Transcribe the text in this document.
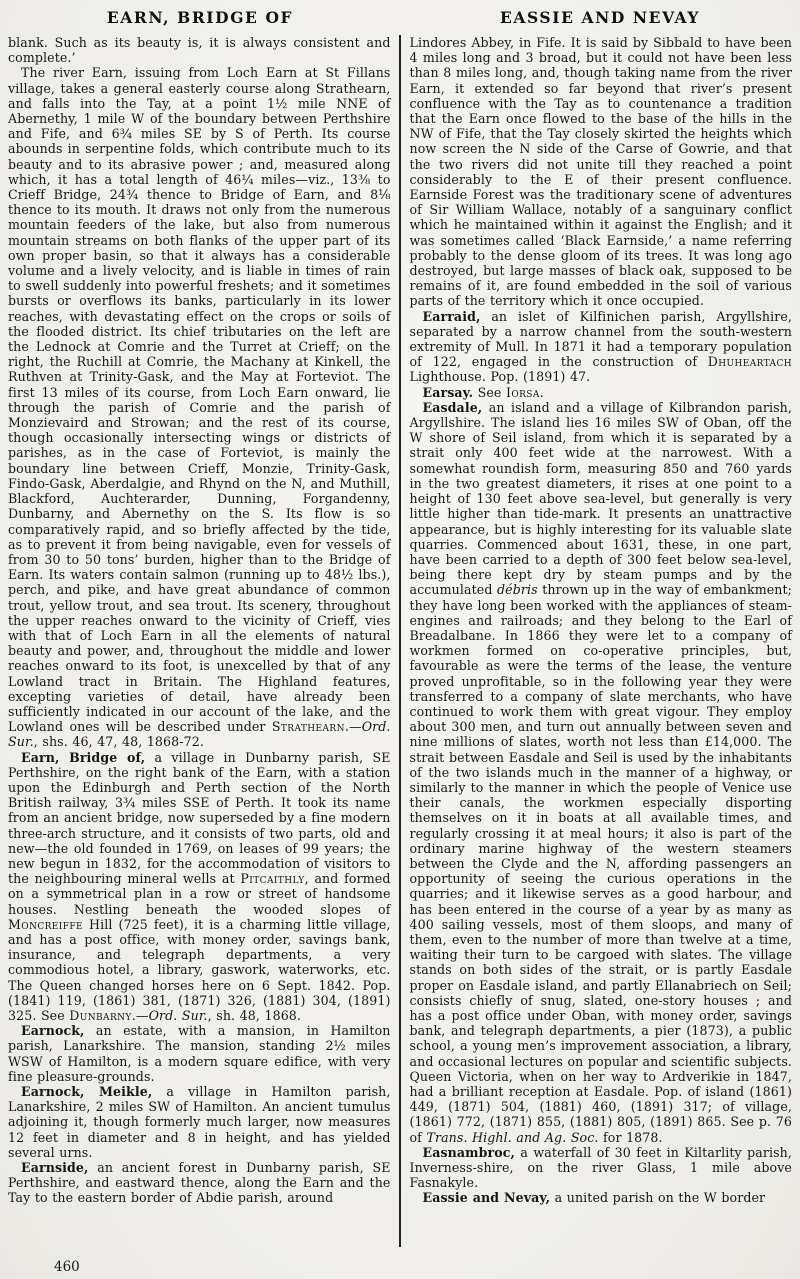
EARN, BRIDGE OF	EASSIE AND NEVAY

blank. Such as its beauty is, it is always consistent and complete.’

The river Earn, issuing from Loch Earn at St Fillans village, takes a general easterly course along Strathearn, and falls into the Tay, at a point 1½ mile NNE of Abernethy, 1 mile W of the boundary between Perthshire and Fife, and 6¾ miles SE by S of Perth. Its course abounds in serpentine folds, which contribute much to its beauty and to its abrasive power ; and, measured along which, it has a total length of 46¼ miles—viz., 13⅜ to Crieff Bridge, 24¾ thence to Bridge of Earn, and 8⅛ thence to its mouth. It draws not only from the numerous mountain feeders of the lake, but also from numerous mountain streams on both flanks of the upper part of its own proper basin, so that it always has a considerable volume and a lively velocity, and is liable in times of rain to swell suddenly into powerful freshets; and it sometimes bursts or overflows its banks, particularly in its lower reaches, with devastating effect on the crops or soils of the flooded district. Its chief tributaries on the left are the Lednock at Comrie and the Turret at Crieff; on the right, the Ruchill at Comrie, the Machany at Kinkell, the Ruthven at Trinity-Gask, and the May at Forteviot. The first 13 miles of its course, from Loch Earn onward, lie through the parish of Comrie and the parish of Monzievaird and Strowan; and the rest of its course, though occasionally intersecting wings or districts of parishes, as in the case of Forteviot, is mainly the boundary line between Crieff, Monzie, Trinity-Gask, Findo-Gask, Aberdalgie, and Rhynd on the N, and Muthill, Blackford, Auchterarder, Dunning, Forgandenny, Dunbarny, and Abernethy on the S. Its flow is so comparatively rapid, and so briefly affected by the tide, as to prevent it from being navigable, even for vessels of from 30 to 50 tons’ burden, higher than to the Bridge of Earn. Its waters contain salmon (running up to 48½ lbs.), perch, and pike, and have great abundance of common trout, yellow trout, and sea trout. Its scenery, throughout the upper reaches onward to the vicinity of Crieff, vies with that of Loch Earn in all the elements of natural beauty and power, and, throughout the middle and lower reaches onward to its foot, is unexcelled by that of any Lowland tract in Britain. The Highland features, excepting varieties of detail, have already been sufficiently indicated in our account of the lake, and the Lowland ones will be described under Strathearn.—Ord. Sur., shs. 46, 47, 48, 1868-72.

Earn, Bridge of, a village in Dunbarny parish, SE Perthshire, on the right bank of the Earn, with a station upon the Edinburgh and Perth section of the North British railway, 3¾ miles SSE of Perth. It took its name from an ancient bridge, now superseded by a fine modern three-arch structure, and it consists of two parts, old and new—the old founded in 1769, on leases of 99 years; the new begun in 1832, for the accommodation of visitors to the neighbouring mineral wells at Pitcaithly, and formed on a symmetrical plan in a row or street of handsome houses. Nestling beneath the wooded slopes of Moncreiffe Hill (725 feet), it is a charming little village, and has a post office, with money order, savings bank, insurance, and telegraph departments, a very commodious hotel, a library, gaswork, waterworks, etc. The Queen changed horses here on 6 Sept. 1842. Pop. (1841) 119, (1861) 381, (1871) 326, (1881) 304, (1891) 325. See Dunbarny.—Ord. Sur., sh. 48, 1868.

Earnock, an estate, with a mansion, in Hamilton parish, Lanarkshire. The mansion, standing 2½ miles WSW of Hamilton, is a modern square edifice, with very fine pleasure-grounds.

Earnock, Meikle, a village in Hamilton parish, Lanarkshire, 2 miles SW of Hamilton. An ancient tumulus adjoining it, though formerly much larger, now measures 12 feet in diameter and 8 in height, and has yielded several urns.

Earnside, an ancient forest in Dunbarny parish, SE Perthshire, and eastward thence, along the Earn and the Tay to the eastern border of Abdie parish, around

Lindores Abbey, in Fife. It is said by Sibbald to have been 4 miles long and 3 broad, but it could not have been less than 8 miles long, and, though taking name from the river Earn, it extended so far beyond that river’s present confluence with the Tay as to countenance a tradition that the Earn once flowed to the base of the hills in the NW of Fife, that the Tay closely skirted the heights which now screen the N side of the Carse of Gowrie, and that the two rivers did not unite till they reached a point considerably to the E of their present confluence. Earnside Forest was the traditionary scene of adventures of Sir William Wallace, notably of a sanguinary conflict which he maintained within it against the English; and it was sometimes called ‘Black Earnside,’ a name referring probably to the dense gloom of its trees. It was long ago destroyed, but large masses of black oak, supposed to be remains of it, are found embedded in the soil of various parts of the territory which it once occupied.

Earraid, an islet of Kilfinichen parish, Argyllshire, separated by a narrow channel from the south-western extremity of Mull. In 1871 it had a temporary population of 122, engaged in the construction of Dhuheartach Lighthouse. Pop. (1891) 47.

Earsay. See Iorsa.

Easdale, an island and a village of Kilbrandon parish, Argyllshire. The island lies 16 miles SW of Oban, off the W shore of Seil island, from which it is separated by a strait only 400 feet wide at the narrowest. With a somewhat roundish form, measuring 850 and 760 yards in the two greatest diameters, it rises at one point to a height of 130 feet above sea-level, but generally is very little higher than tide-mark. It presents an unattractive appearance, but is highly interesting for its valuable slate quarries. Commenced about 1631, these, in one part, have been carried to a depth of 300 feet below sea-level, being there kept dry by steam pumps and by the accumulated débris thrown up in the way of embankment; they have long been worked with the appliances of steam-engines and railroads; and they belong to the Earl of Breadalbane. In 1866 they were let to a company of workmen formed on co-operative principles, but, favourable as were the terms of the lease, the venture proved unprofitable, so in the following year they were transferred to a company of slate merchants, who have continued to work them with great vigour. They employ about 300 men, and turn out annually between seven and nine millions of slates, worth not less than £14,000. The strait between Easdale and Seil is used by the inhabitants of the two islands much in the manner of a highway, or similarly to the manner in which the people of Venice use their canals, the workmen especially disporting themselves on it in boats at all available times, and regularly crossing it at meal hours; it also is part of the ordinary marine highway of the western steamers between the Clyde and the N, affording passengers an opportunity of seeing the curious operations in the quarries; and it likewise serves as a good harbour, and has been entered in the course of a year by as many as 400 sailing vessels, most of them sloops, and many of them, even to the number of more than twelve at a time, waiting their turn to be cargoed with slates. The village stands on both sides of the strait, or is partly Easdale proper on Easdale island, and partly Ellanabriech on Seil; consists chiefly of snug, slated, one-story houses ; and has a post office under Oban, with money order, savings bank, and telegraph departments, a pier (1873), a public school, a young men’s improvement association, a library, and occasional lectures on popular and scientific subjects. Queen Victoria, when on her way to Ardverikie in 1847, had a brilliant reception at Easdale. Pop. of island (1861) 449, (1871) 504, (1881) 460, (1891) 317; of village, (1861) 772, (1871) 855, (1881) 805, (1891) 865. See p. 76 of Trans. Highl. and Ag. Soc. for 1878.

Easnambroc, a waterfall of 30 feet in Kiltarlity parish, Inverness-shire, on the river Glass, 1 mile above Fasnakyle.

Eassie and Nevay, a united parish on the W border

460
